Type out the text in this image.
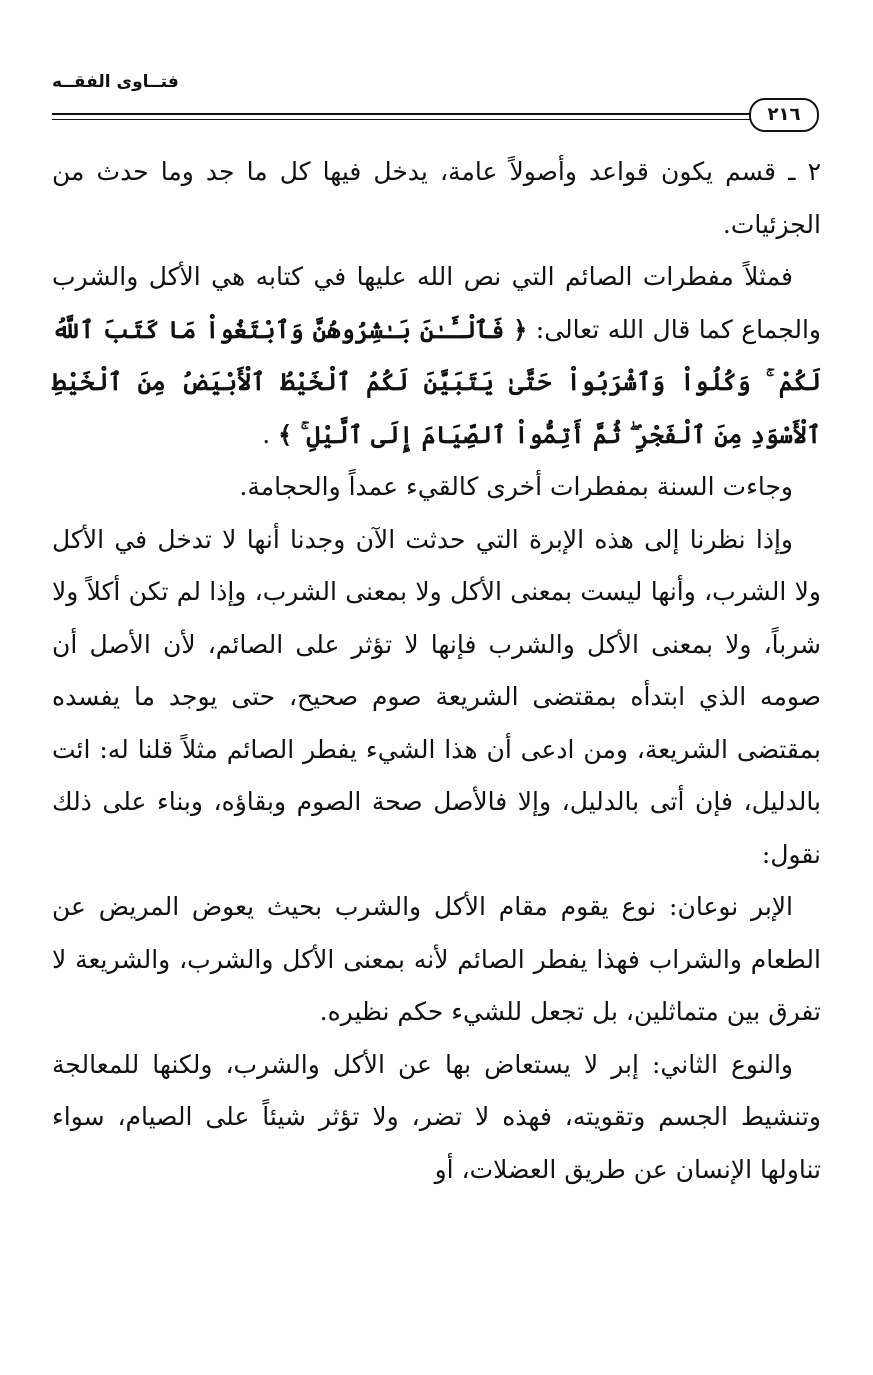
فتــاوى الفقــه
٢١٦

٢ ـ قسم يكون قواعد وأصولاً عامة، يدخل فيها كل ما جد وما حدث من الجزئيات.

فمثلاً مفطرات الصائم التي نص الله عليها في كتابه هي الأكل والشرب والجماع كما قال الله تعالى: ﴿ فَٱلْـَٔـٰنَ بَـٰشِرُوهُنَّ وَٱبْتَغُواْ مَا كَتَبَ ٱللَّهُ لَكُمْ ۚ وَكُلُواْ وَٱشْرَبُواْ حَتَّىٰ يَتَبَيَّنَ لَكُمُ ٱلْخَيْطُ ٱلْأَبْيَضُ مِنَ ٱلْخَيْطِ ٱلْأَسْوَدِ مِنَ ٱلْفَجْرِ ۖ ثُمَّ أَتِمُّواْ ٱلصِّيَامَ إِلَى ٱلَّيْلِ ۚ ﴾ .

وجاءت السنة بمفطرات أخرى كالقيء عمداً والحجامة.

وإذا نظرنا إلى هذه الإبرة التي حدثت الآن وجدنا أنها لا تدخل في الأكل ولا الشرب، وأنها ليست بمعنى الأكل ولا بمعنى الشرب، وإذا لم تكن أكلاً ولا شرباً، ولا بمعنى الأكل والشرب فإنها لا تؤثر على الصائم، لأن الأصل أن صومه الذي ابتدأه بمقتضى الشريعة صوم صحيح، حتى يوجد ما يفسده بمقتضى الشريعة، ومن ادعى أن هذا الشيء يفطر الصائم مثلاً قلنا له: ائت بالدليل، فإن أتى بالدليل، وإلا فالأصل صحة الصوم وبقاؤه، وبناء على ذلك نقول:

الإبر نوعان: نوع يقوم مقام الأكل والشرب بحيث يعوض المريض عن الطعام والشراب فهذا يفطر الصائم لأنه بمعنى الأكل والشرب، والشريعة لا تفرق بين متماثلين، بل تجعل للشيء حكم نظيره.

والنوع الثاني: إبر لا يستعاض بها عن الأكل والشرب، ولكنها للمعالجة وتنشيط الجسم وتقويته، فهذه لا تضر، ولا تؤثر شيئاً على الصيام، سواء تناولها الإنسان عن طريق العضلات، أو
